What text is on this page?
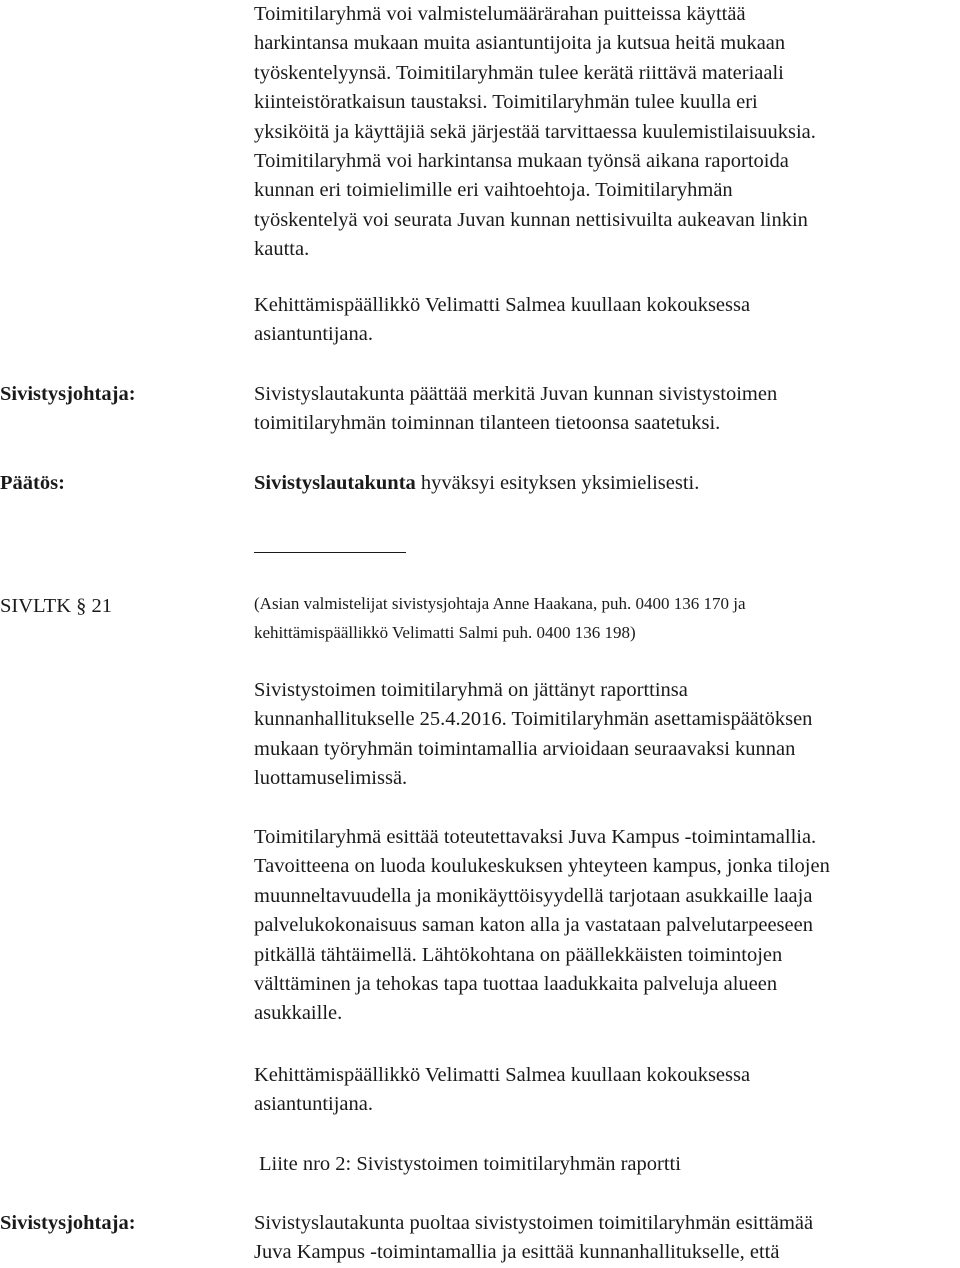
Toimitilaryhmä voi valmistelumäärärahan puitteissa käyttää
harkintansa mukaan muita asiantuntijoita ja kutsua heitä mukaan
työskentelyynsä. Toimitilaryhmän tulee kerätä riittävä materiaali
kiinteistöratkaisun taustaksi. Toimitilaryhmän tulee kuulla eri
yksiköitä ja käyttäjiä sekä järjestää tarvittaessa kuulemistilaisuuksia.
Toimitilaryhmä voi harkintansa mukaan työnsä aikana raportoida
kunnan eri toimielimille eri vaihtoehtoja. Toimitilaryhmän
työskentelyä voi seurata Juvan kunnan nettisivuilta aukeavan linkin
kautta.
Kehittämispäällikkö Velimatti Salmea kuullaan kokouksessa
asiantuntijana.
Sivistysjohtaja:	Sivistyslautakunta päättää merkitä Juvan kunnan sivistystoimen
toimitilaryhmän toiminnan tilanteen tietoonsa saatetuksi.
Päätös:	Sivistyslautakunta hyväksyi esityksen yksimielisesti.
SIVLTK § 21	(Asian valmistelijat sivistysjohtaja Anne Haakana, puh. 0400 136 170 ja
kehittämispäällikkö Velimatti Salmi puh. 0400 136 198)
Sivistystoimen toimitilaryhmä on jättänyt raporttinsa
kunnanhallitukselle 25.4.2016. Toimitilaryhmän asettamispäätöksen
mukaan työryhmän toimintamallia arvioidaan seuraavaksi kunnan
luottamuselimissä.
Toimitilaryhmä esittää toteutettavaksi Juva Kampus -toimintamallia.
Tavoitteena on luoda koulukeskuksen yhteyteen kampus, jonka tilojen
muunneltavuudella ja monikäyttöisyydellä tarjotaan asukkaille laaja
palvelukokonaisuus saman katon alla ja vastataan palvelutarpeeseen
pitkällä tähtäimellä. Lähtökohtana on päällekkäisten toimintojen
välttäminen ja tehokas tapa tuottaa laadukkaita palveluja alueen
asukkaille.
Kehittämispäällikkö Velimatti Salmea kuullaan kokouksessa
asiantuntijana.
Liite nro 2: Sivistystoimen toimitilaryhmän raportti
Sivistysjohtaja:	Sivistyslautakunta puoltaa sivistystoimen toimitilaryhmän esittämää
Juva Kampus -toimintamallia ja esittää kunnanhallitukselle, että
